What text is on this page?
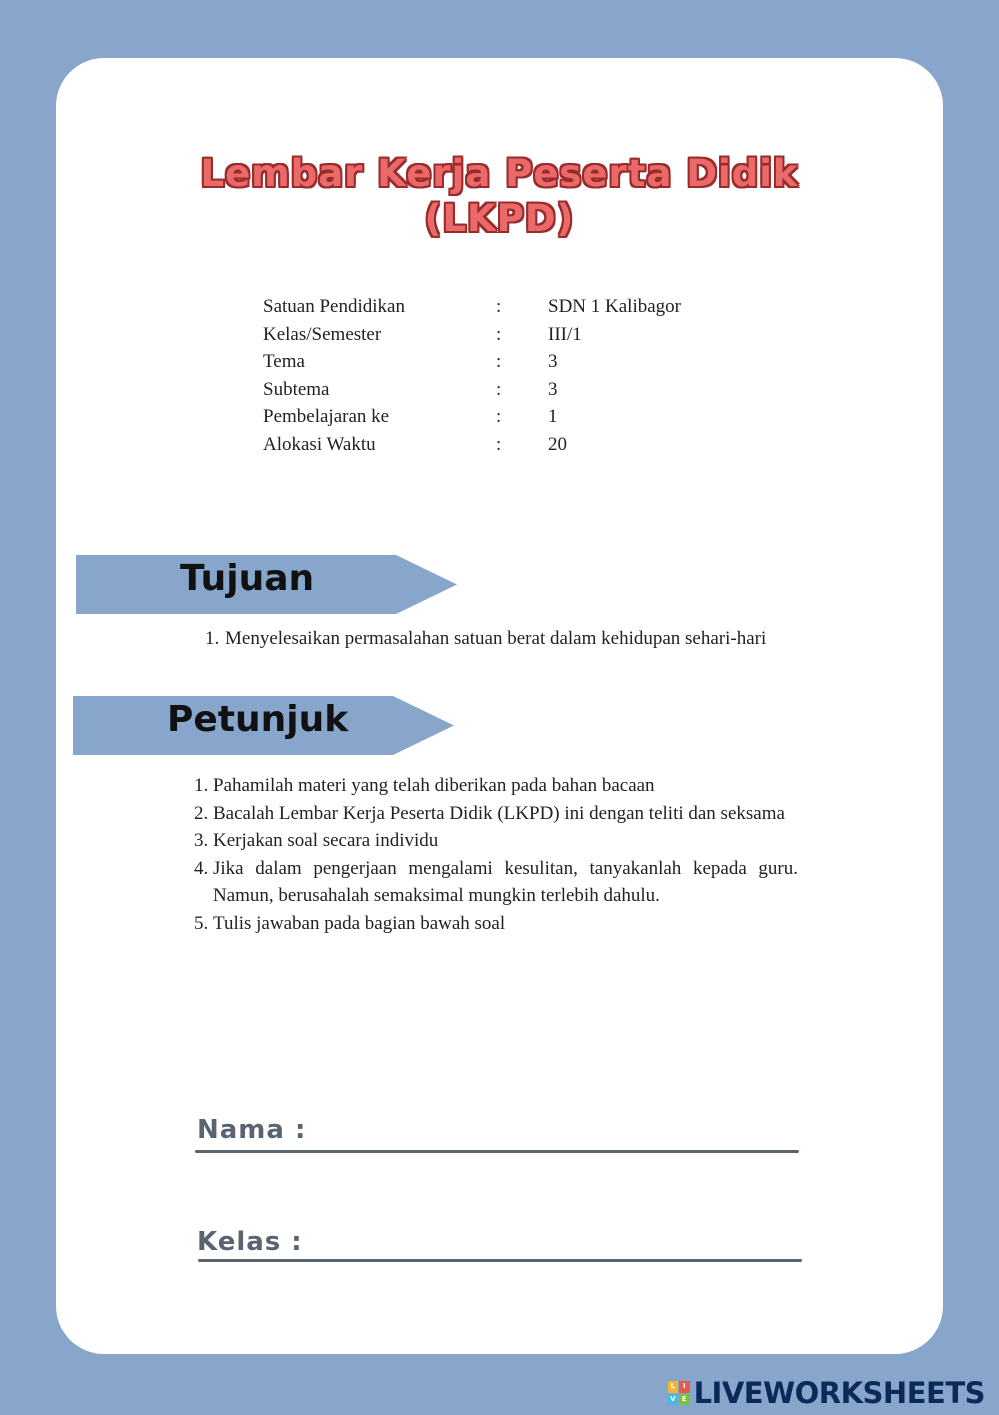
Lembar Kerja Peserta Didik
(LKPD)
Satuan Pendidikan	:	SDN 1 Kalibagor
Kelas/Semester	:	III/1
Tema	:	3
Subtema	:	3
Pembelajaran ke	:	1
Alokasi Waktu	:	20
Tujuan
1. Menyelesaikan permasalahan satuan berat dalam kehidupan sehari-hari
Petunjuk
1. Pahamilah materi yang telah diberikan pada bahan bacaan
2. Bacalah Lembar Kerja Peserta Didik (LKPD) ini dengan teliti dan seksama
3. Kerjakan soal secara individu
4. Jika dalam pengerjaan mengalami kesulitan, tanyakanlah kepada guru. Namun, berusahalah semaksimal mungkin terlebih dahulu.
5. Tulis jawaban pada bagian bawah soal
Nama :
Kelas :
L	I
V E LIVEWORKSHEETS
